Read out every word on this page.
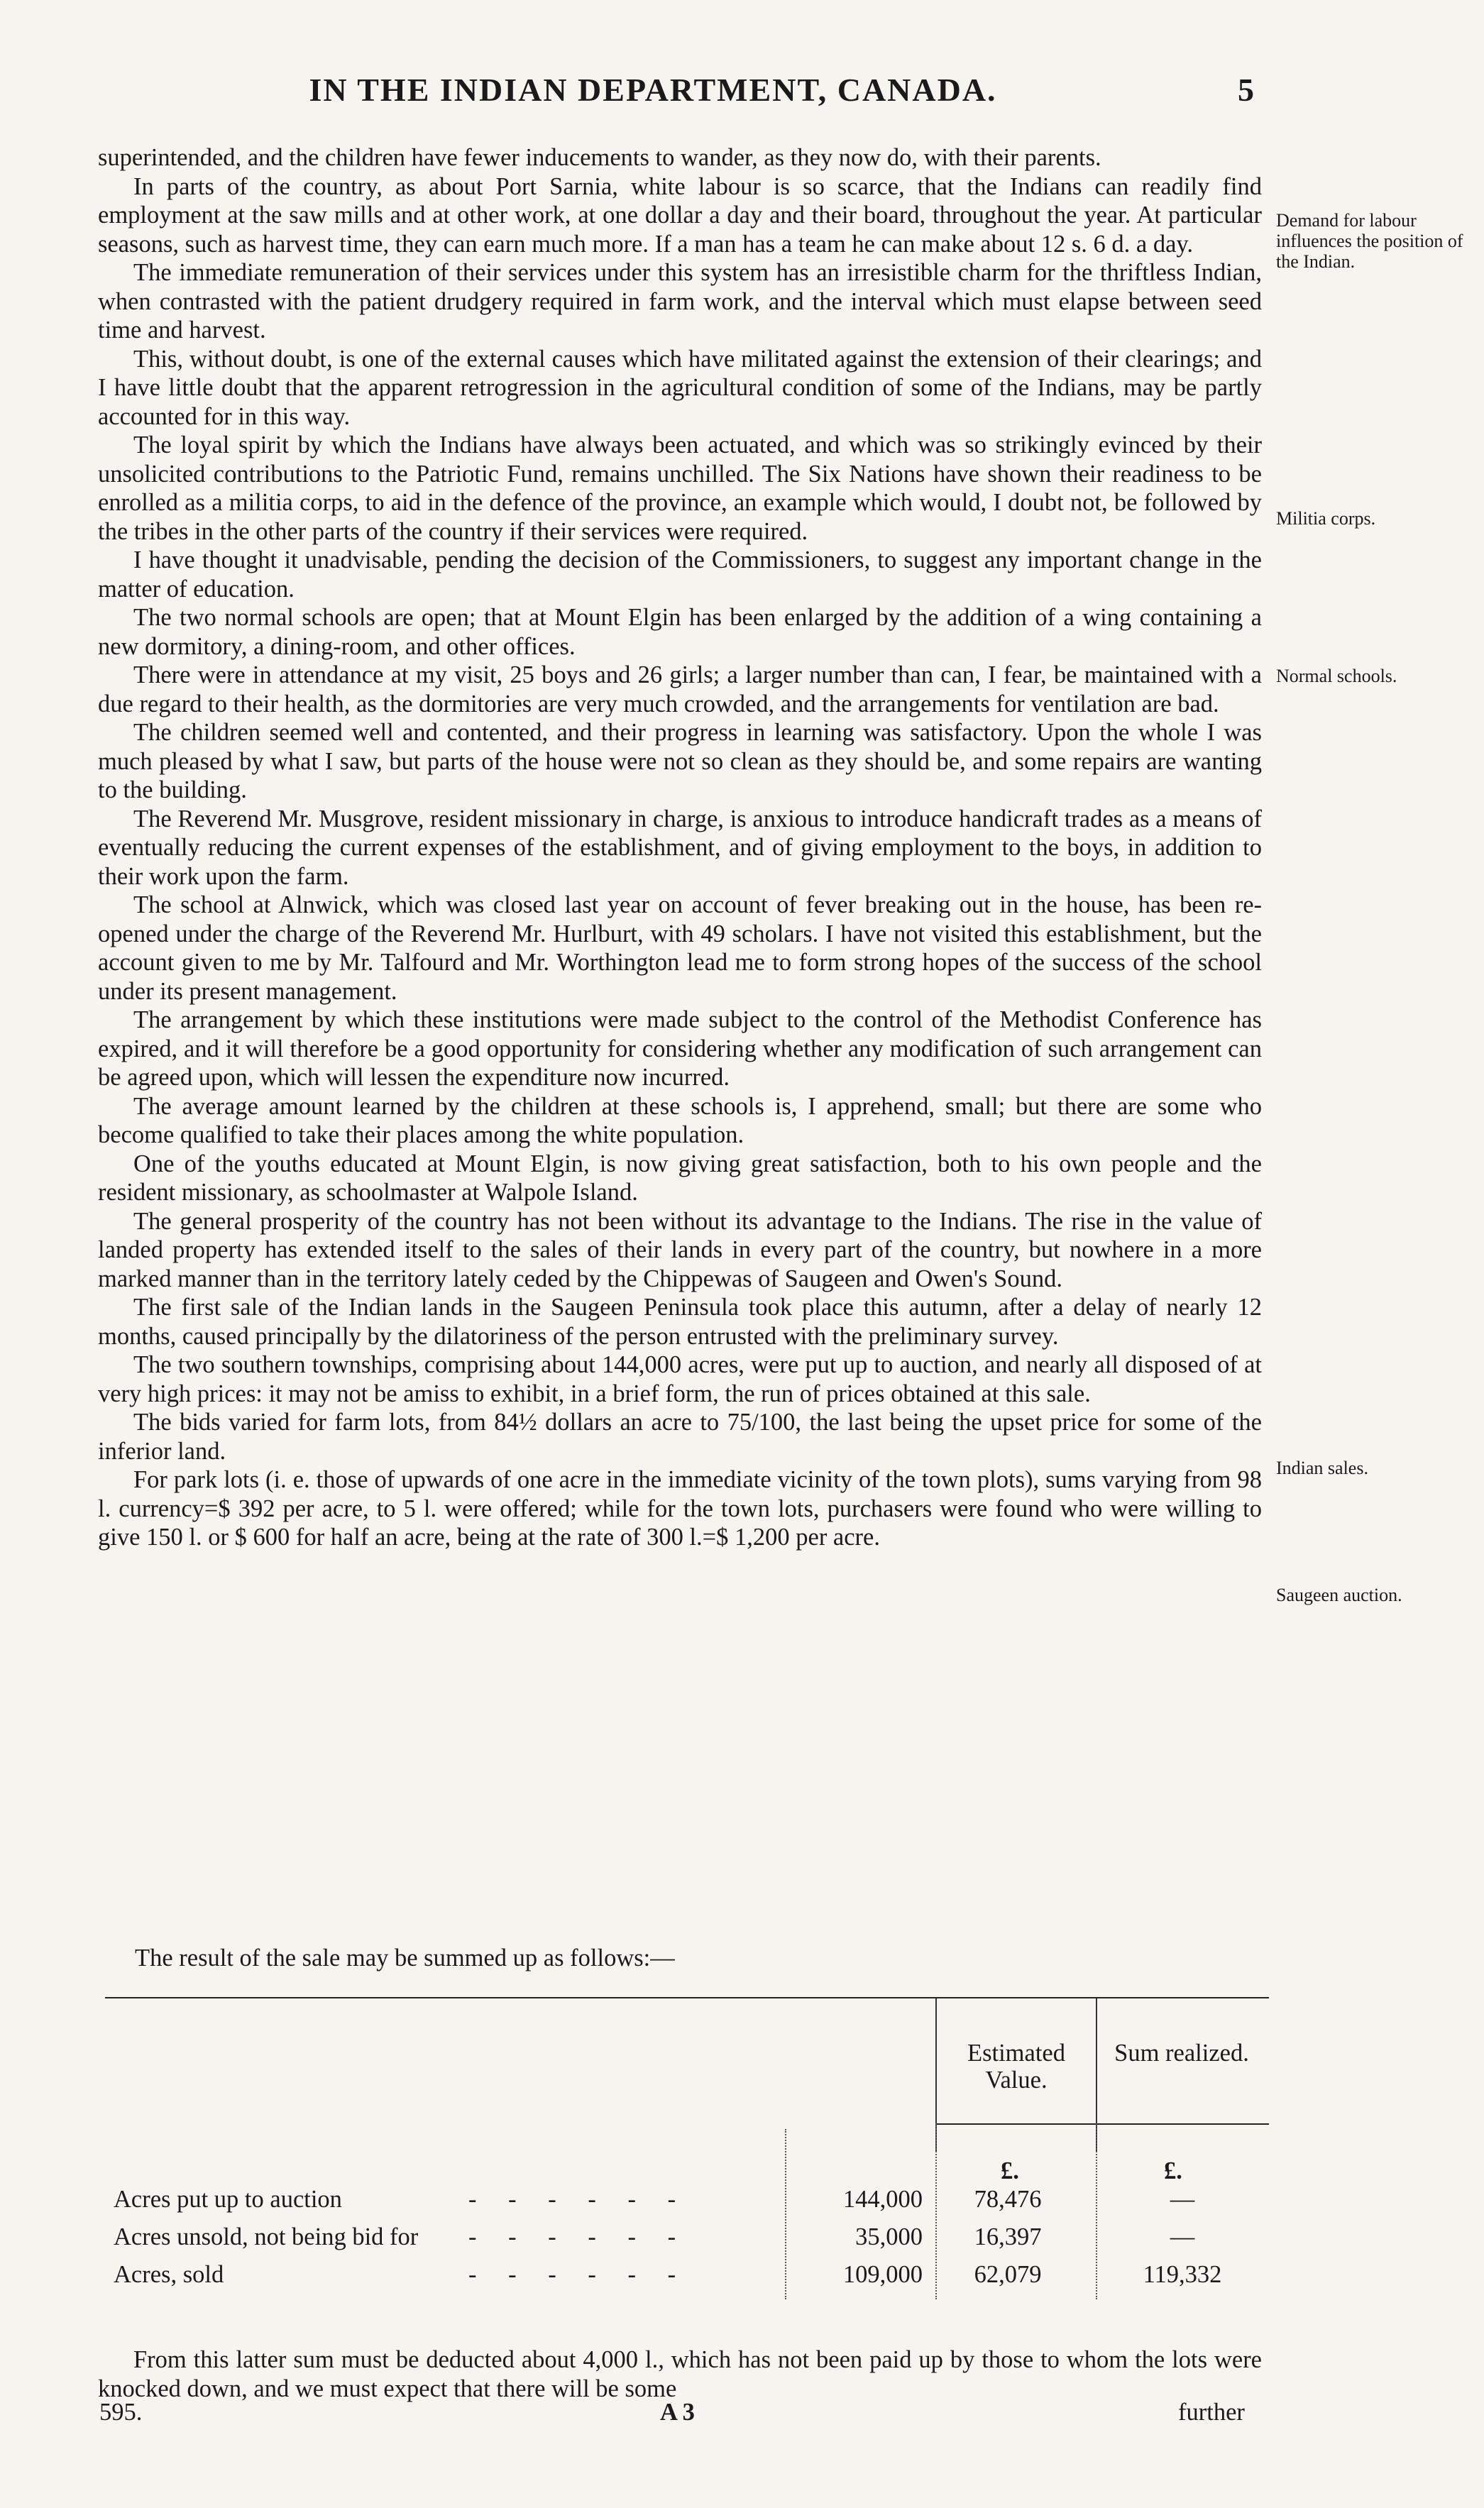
IN THE INDIAN DEPARTMENT, CANADA.	5

superintended, and the children have fewer inducements to wander, as they now do, with their parents.

In parts of the country, as about Port Sarnia, white labour is so scarce, that the Indians can readily find employment at the saw mills and at other work, at one dollar a day and their board, throughout the year. At particular seasons, such as harvest time, they can earn much more. If a man has a team he can make about 12 s. 6 d. a day.

The immediate remuneration of their services under this system has an irresistible charm for the thriftless Indian, when contrasted with the patient drudgery required in farm work, and the interval which must elapse between seed time and harvest.

This, without doubt, is one of the external causes which have militated against the extension of their clearings; and I have little doubt that the apparent retrogression in the agricultural condition of some of the Indians, may be partly accounted for in this way.

The loyal spirit by which the Indians have always been actuated, and which was so strikingly evinced by their unsolicited contributions to the Patriotic Fund, remains unchilled. The Six Nations have shown their readiness to be enrolled as a militia corps, to aid in the defence of the province, an example which would, I doubt not, be followed by the tribes in the other parts of the country if their services were required.

I have thought it unadvisable, pending the decision of the Commissioners, to suggest any important change in the matter of education.

The two normal schools are open; that at Mount Elgin has been enlarged by the addition of a wing containing a new dormitory, a dining-room, and other offices.

There were in attendance at my visit, 25 boys and 26 girls; a larger number than can, I fear, be maintained with a due regard to their health, as the dormitories are very much crowded, and the arrangements for ventilation are bad.

The children seemed well and contented, and their progress in learning was satisfactory. Upon the whole I was much pleased by what I saw, but parts of the house were not so clean as they should be, and some repairs are wanting to the building.

The Reverend Mr. Musgrove, resident missionary in charge, is anxious to introduce handicraft trades as a means of eventually reducing the current expenses of the establishment, and of giving employment to the boys, in addition to their work upon the farm.

The school at Alnwick, which was closed last year on account of fever breaking out in the house, has been re-opened under the charge of the Reverend Mr. Hurlburt, with 49 scholars. I have not visited this establishment, but the account given to me by Mr. Talfourd and Mr. Worthington lead me to form strong hopes of the success of the school under its present management.

The arrangement by which these institutions were made subject to the control of the Methodist Conference has expired, and it will therefore be a good opportunity for considering whether any modification of such arrangement can be agreed upon, which will lessen the expenditure now incurred.

The average amount learned by the children at these schools is, I apprehend, small; but there are some who become qualified to take their places among the white population.

One of the youths educated at Mount Elgin, is now giving great satisfaction, both to his own people and the resident missionary, as schoolmaster at Walpole Island.

The general prosperity of the country has not been without its advantage to the Indians. The rise in the value of landed property has extended itself to the sales of their lands in every part of the country, but nowhere in a more marked manner than in the territory lately ceded by the Chippewas of Saugeen and Owen's Sound.

The first sale of the Indian lands in the Saugeen Peninsula took place this autumn, after a delay of nearly 12 months, caused principally by the dilatoriness of the person entrusted with the preliminary survey.

The two southern townships, comprising about 144,000 acres, were put up to auction, and nearly all disposed of at very high prices: it may not be amiss to exhibit, in a brief form, the run of prices obtained at this sale.

The bids varied for farm lots, from 84½ dollars an acre to 75/100, the last being the upset price for some of the inferior land.

For park lots (i. e. those of upwards of one acre in the immediate vicinity of the town plots), sums varying from 98 l. currency=$ 392 per acre, to 5 l. were offered; while for the town lots, purchasers were found who were willing to give 150 l. or $ 600 for half an acre, being at the rate of 300 l.=$ 1,200 per acre.

Demand for labour influences the position of the Indian.
Militia corps.
Normal schools.
Indian sales.
Saugeen auction.
The result of the sale may be summed up as follows:—
Estimated Value.
Sum realized.
£.	£.
Acres put up to auction	- - - - - -	144,000	78,476	—
Acres unsold, not being bid for - - - - - -	35,000	16,397	—
Acres, sold	- - - - - -	109,000	62,079	119,332

From this latter sum must be deducted about 4,000 l., which has not been paid up by those to whom the lots were knocked down, and we must expect that there will be some

595.	A 3	further
